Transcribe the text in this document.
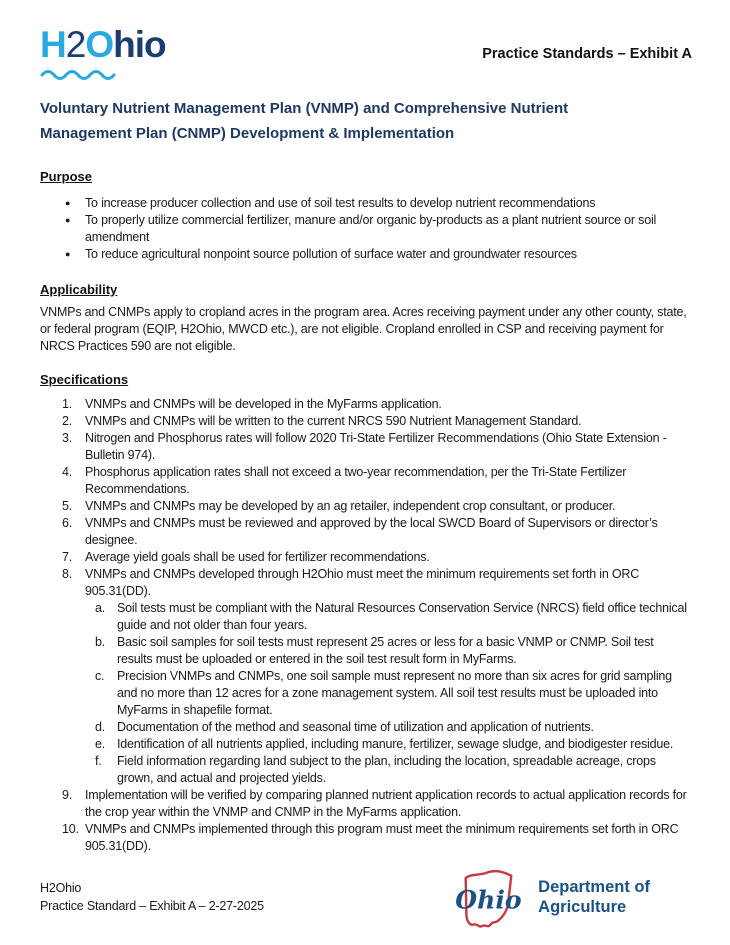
H2Ohio	Practice Standards – Exhibit A
Voluntary Nutrient Management Plan (VNMP) and Comprehensive Nutrient
Management Plan (CNMP) Development & Implementation
Purpose
●	To increase producer collection and use of soil test results to develop nutrient recommendations
●	To properly utilize commercial fertilizer, manure and/or organic by-products as a plant nutrient source or soil amendment
●	To reduce agricultural nonpoint source pollution of surface water and groundwater resources
Applicability

VNMPs and CNMPs apply to cropland acres in the program area. Acres receiving payment under any other county, state, or federal program (EQIP, H2Ohio, MWCD etc.), are not eligible. Cropland enrolled in CSP and receiving payment for NRCS Practices 590 are not eligible.

Specifications
1.	VNMPs and CNMPs will be developed in the MyFarms application.
2.	VNMPs and CNMPs will be written to the current NRCS 590 Nutrient Management Standard.
3.	Nitrogen and Phosphorus rates will follow 2020 Tri-State Fertilizer Recommendations (Ohio State Extension - Bulletin 974).
4.	Phosphorus application rates shall not exceed a two-year recommendation, per the Tri-State Fertilizer Recommendations.
5.	VNMPs and CNMPs may be developed by an ag retailer, independent crop consultant, or producer.
6.	VNMPs and CNMPs must be reviewed and approved by the local SWCD Board of Supervisors or director’s designee.
7.	Average yield goals shall be used for fertilizer recommendations.
8.	VNMPs and CNMPs developed through H2Ohio must meet the minimum requirements set forth in ORC 905.31(DD).
a. Soil tests must be compliant with the Natural Resources Conservation Service (NRCS) field office technical guide and not older than four years.
b. Basic soil samples for soil tests must represent 25 acres or less for a basic VNMP or CNMP. Soil test results must be uploaded or entered in the soil test result form in MyFarms.
c.	Precision VNMPs and CNMPs, one soil sample must represent no more than six acres for grid sampling and no more than 12 acres for a zone management system. All soil test results must be uploaded into MyFarms in shapefile format.
d. Documentation of the method and seasonal time of utilization and application of nutrients.
e. Identification of all nutrients applied, including manure, fertilizer, sewage sludge, and biodigester residue.
f.	Field information regarding land subject to the plan, including the location, spreadable acreage, crops grown, and actual and projected yields.
9.	Implementation will be verified by comparing planned nutrient application records to actual application records for the crop year within the VNMP and CNMP in the MyFarms application.
10. VNMPs and CNMPs implemented through this program must meet the minimum requirements set forth in ORC 905.31(DD).
H2Ohio
Practice Standard – Exhibit A – 2-27-2025	Ohio Department of
Agriculture
